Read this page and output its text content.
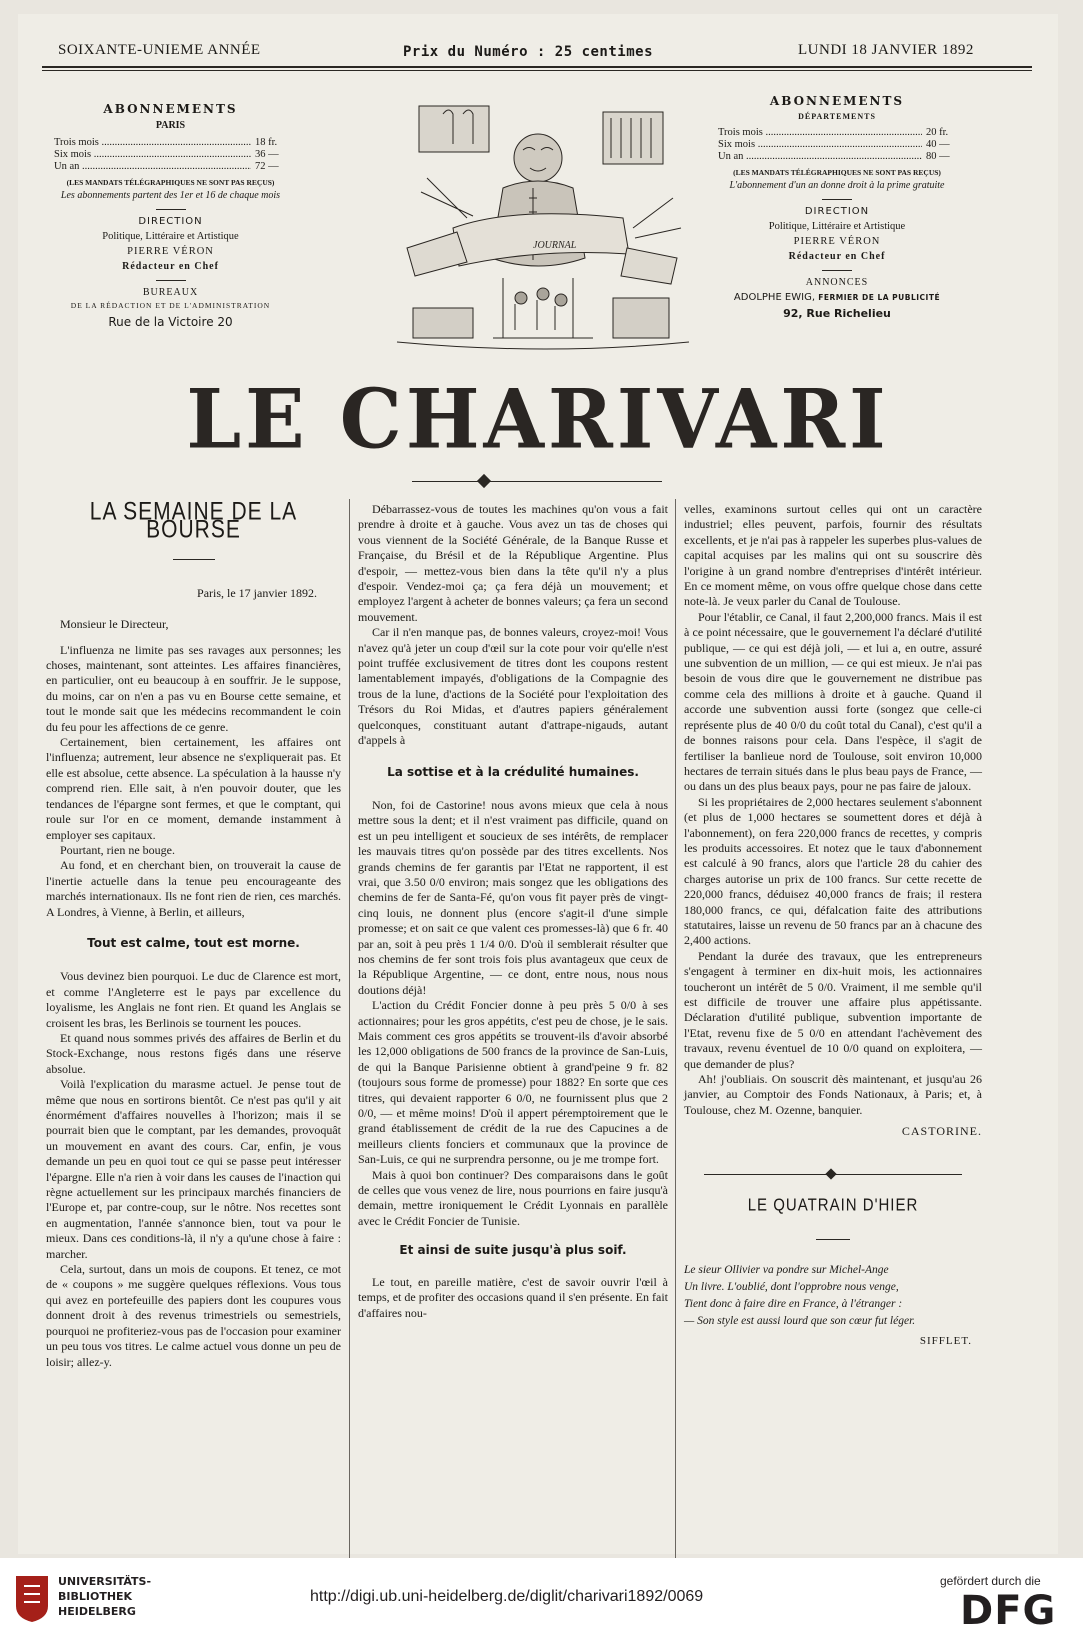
SOIXANTE-UNIEME ANNÉE	Prix du Numéro : 25 centimes	LUNDI 18 JANVIER 1892
ABONNEMENTS
PARIS
Trois mois .....	18 fr.
Six mois .....	36 —
Un an .....	72 —
(LES MANDATS TÉLÉGRAPHIQUES NE SONT PAS REÇUS)
Les abonnements partent des 1er et 16 de chaque mois
DIRECTION
Politique, Littéraire et Artistique
PIERRE VÉRON
Rédacteur en Chef
BUREAUX
DE LA RÉDACTION ET DE L'ADMINISTRATION
Rue de la Victoire 20
JOURNAL
ABONNEMENTS
DÉPARTEMENTS
Trois mois .....	20 fr.
Six mois .....	40 —
Un an .....	80 —
(LES MANDATS TÉLÉGRAPHIQUES NE SONT PAS REÇUS)
L'abonnement d'un an donne droit à la prime gratuite
DIRECTION
Politique, Littéraire et Artistique
PIERRE VÉRON
Rédacteur en Chef
ANNONCES
ADOLPHE EWIG, FERMIER DE LA PUBLICITÉ
92, Rue Richelieu
LE CHARIVARI
LA SEMAINE DE LA BOURSE
Paris, le 17 janvier 1892.

Monsieur le Directeur,

L'influenza ne limite pas ses ravages aux personnes; les choses, maintenant, sont atteintes. Les affaires financières, en particulier, ont eu beaucoup à en souffrir. Je le suppose, du moins, car on n'en a pas vu en Bourse cette semaine, et tout le monde sait que les médecins recommandent le coin du feu pour les affections de ce genre.

Certainement, bien certainement, les affaires ont l'influenza; autrement, leur absence ne s'expliquerait pas. Et elle est absolue, cette absence. La spéculation à la hausse n'y comprend rien. Elle sait, à n'en pouvoir douter, que les tendances de l'épargne sont fermes, et que le comptant, qui roule sur l'or en ce moment, demande instamment à employer ses capitaux.

Pourtant, rien ne bouge.

Au fond, et en cherchant bien, on trouverait la cause de l'inertie actuelle dans la tenue peu encourageante des marchés internationaux. Ils ne font rien de rien, ces marchés. A Londres, à Vienne, à Berlin, et ailleurs,

Tout est calme, tout est morne.

Vous devinez bien pourquoi. Le duc de Clarence est mort, et comme l'Angleterre est le pays par excellence du loyalisme, les Anglais ne font rien. Et quand les Anglais se croisent les bras, les Berlinois se tournent les pouces.

Et quand nous sommes privés des affaires de Berlin et du Stock-Exchange, nous restons figés dans une réserve absolue.

Voilà l'explication du marasme actuel. Je pense tout de même que nous en sortirons bientôt. Ce n'est pas qu'il y ait énormément d'affaires nouvelles à l'horizon; mais il se pourrait bien que le comptant, par les demandes, provoquât un mouvement en avant des cours. Car, enfin, je vous demande un peu en quoi tout ce qui se passe peut intéresser l'épargne. Elle n'a rien à voir dans les causes de l'inaction qui règne actuellement sur les principaux marchés financiers de l'Europe et, par contre-coup, sur le nôtre. Nos recettes sont en augmentation, l'année s'annonce bien, tout va pour le mieux. Dans ces conditions-là, il n'y a qu'une chose à faire : marcher.

Cela, surtout, dans un mois de coupons. Et tenez, ce mot de « coupons » me suggère quelques réflexions. Vous tous qui avez en portefeuille des papiers dont les coupures vous donnent droit à des revenus trimestriels ou semestriels, pourquoi ne profiteriez-vous pas de l'occasion pour examiner un peu tous vos titres. Le calme actuel vous donne un peu de loisir; allez-y.

Débarrassez-vous de toutes les machines qu'on vous a fait prendre à droite et à gauche. Vous avez un tas de choses qui vous viennent de la Société Générale, de la Banque Russe et Française, du Brésil et de la République Argentine. Plus d'espoir, — mettez-vous bien dans la tête qu'il n'y a plus d'espoir. Vendez-moi ça; ça fera déjà un mouvement; et employez l'argent à acheter de bonnes valeurs; ça fera un second mouvement.

Car il n'en manque pas, de bonnes valeurs, croyez-moi! Vous n'avez qu'à jeter un coup d'œil sur la cote pour voir qu'elle n'est point truffée exclusivement de titres dont les coupons restent lamentablement impayés, d'obligations de la Compagnie des trous de la lune, d'actions de la Société pour l'exploitation des Trésors du Roi Midas, et d'autres papiers généralement quelconques, constituant autant d'attrape-nigauds, autant d'appels à

La sottise et à la crédulité humaines.

Non, foi de Castorine! nous avons mieux que cela à nous mettre sous la dent; et il n'est vraiment pas difficile, quand on est un peu intelligent et soucieux de ses intérêts, de remplacer les mauvais titres qu'on possède par des titres excellents. Nos grands chemins de fer garantis par l'Etat ne rapportent, il est vrai, que 3.50 0/0 environ; mais songez que les obligations des chemins de fer de Santa-Fé, qu'on vous fit payer près de vingt-cinq louis, ne donnent plus (encore s'agit-il d'une simple promesse; et on sait ce que valent ces promesses-là) que 6 fr. 40 par an, soit à peu près 1 1/4 0/0. D'où il semblerait résulter que nos chemins de fer sont trois fois plus avantageux que ceux de la République Argentine, — ce dont, entre nous, nous nous doutions déjà!

L'action du Crédit Foncier donne à peu près 5 0/0 à ses actionnaires; pour les gros appétits, c'est peu de chose, je le sais. Mais comment ces gros appétits se trouvent-ils d'avoir absorbé les 12,000 obligations de 500 francs de la province de San-Luis, de qui la Banque Parisienne obtient à grand'peine 9 fr. 82 (toujours sous forme de promesse) pour 1882? En sorte que ces titres, qui devaient rapporter 6 0/0, ne fournissent plus que 2 0/0, — et même moins! D'où il appert péremptoirement que le grand établissement de crédit de la rue des Capucines a de meilleurs clients fonciers et communaux que la province de San-Luis, ce qui ne surprendra personne, ou je me trompe fort.

Mais à quoi bon continuer? Des comparaisons dans le goût de celles que vous venez de lire, nous pourrions en faire jusqu'à demain, mettre ironiquement le Crédit Lyonnais en parallèle avec le Crédit Foncier de Tunisie.

Et ainsi de suite jusqu'à plus soif.

Le tout, en pareille matière, c'est de savoir ouvrir l'œil à temps, et de profiter des occasions quand il s'en présente. En fait d'affaires nou-

velles, examinons surtout celles qui ont un caractère industriel; elles peuvent, parfois, fournir des résultats excellents, et je n'ai pas à rappeler les superbes plus-values de capital acquises par les malins qui ont su souscrire dès l'origine à un grand nombre d'entreprises d'intérêt intérieur. En ce moment même, on vous offre quelque chose dans cette note-là. Je veux parler du Canal de Toulouse.

Pour l'établir, ce Canal, il faut 2,200,000 francs. Mais il est à ce point nécessaire, que le gouvernement l'a déclaré d'utilité publique, — ce qui est déjà joli, — et lui a, en outre, assuré une subvention de un million, — ce qui est mieux. Je n'ai pas besoin de vous dire que le gouvernement ne distribue pas comme cela des millions à droite et à gauche. Quand il accorde une subvention aussi forte (songez que celle-ci représente plus de 40 0/0 du coût total du Canal), c'est qu'il a de bonnes raisons pour cela. Dans l'espèce, il s'agit de fertiliser la banlieue nord de Toulouse, soit environ 10,000 hectares de terrain situés dans le plus beau pays de France, — ou dans un des plus beaux pays, pour ne pas faire de jaloux.

Si les propriétaires de 2,000 hectares seulement s'abonnent (et plus de 1,000 hectares se soumettent dores et déjà à l'abonnement), on fera 220,000 francs de recettes, y compris les produits accessoires. Et notez que le taux d'abonnement est calculé à 90 francs, alors que l'article 28 du cahier des charges autorise un prix de 100 francs. Sur cette recette de 220,000 francs, déduisez 40,000 francs de frais; il restera 180,000 francs, ce qui, défalcation faite des attributions statutaires, laisse un revenu de 50 francs par an à chacune des 2,400 actions.

Pendant la durée des travaux, que les entrepreneurs s'engagent à terminer en dix-huit mois, les actionnaires toucheront un intérêt de 5 0/0. Vraiment, il me semble qu'il est difficile de trouver une affaire plus appétissante. Déclaration d'utilité publique, subvention importante de l'Etat, revenu fixe de 5 0/0 en attendant l'achèvement des travaux, revenu éventuel de 10 0/0 quand on exploitera, — que demander de plus?

Ah! j'oubliais. On souscrit dès maintenant, et jusqu'au 26 janvier, au Comptoir des Fonds Nationaux, à Paris; et, à Toulouse, chez M. Ozenne, banquier.

CASTORINE.
LE QUATRAIN D'HIER
Le sieur Ollivier va pondre sur Michel-Ange
Un livre. L'oublié, dont l'opprobre nous venge,
Tient donc à faire dire en France, à l'étranger :
— Son style est aussi lourd que son cœur fut léger.
SIFFLET.
UNIVERSITÄTS-
BIBLIOTHEK
HEIDELBERG
http://digi.ub.uni-heidelberg.de/diglit/charivari1892/0069
gefördert durch die
DFG
